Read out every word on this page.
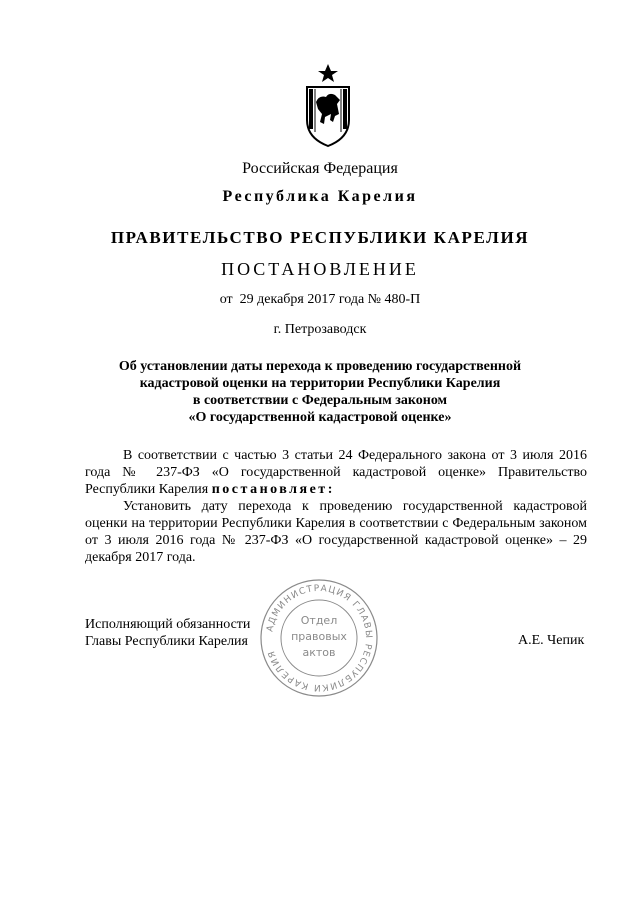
Российская Федерация
Республика Карелия
ПРАВИТЕЛЬСТВО РЕСПУБЛИКИ КАРЕЛИЯ
ПОСТАНОВЛЕНИЕ
от  29 декабря 2017 года № 480-П
г. Петрозаводск
Об установлении даты перехода к проведению государственной
кадастровой оценки на территории Республики Карелия
в соответствии с Федеральным законом
«О государственной кадастровой оценке»
В соответствии с частью 3 статьи 24 Федерального закона от 3 июля 2016 года № 237-ФЗ «О государственной кадастровой оценке» Правительство Республики Карелия постановляет:
Установить дату перехода к проведению государственной кадастровой оценки на территории Республики Карелия в соответствии с Федеральным законом от 3 июля 2016 года № 237-ФЗ «О государственной кадастровой оценке» – 29 декабря 2017 года.
Исполняющий обязанности
Главы Республики Карелия	А.Е. Чепик
АДМИНИСТРАЦИЯ ГЛАВЫ РЕСПУБЛИКИ КАРЕЛИЯ
Отдел
правовых
актов
